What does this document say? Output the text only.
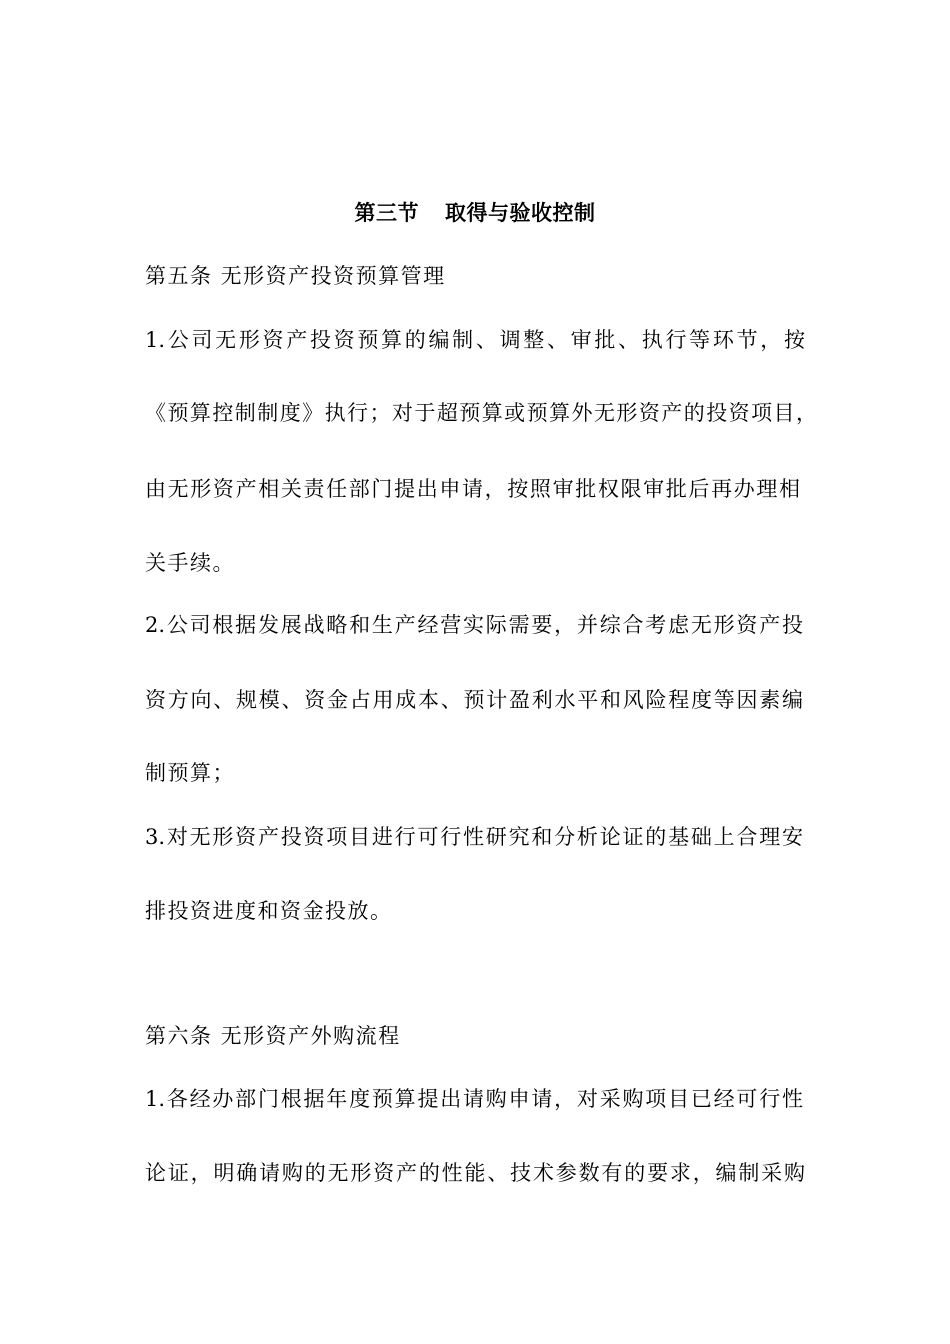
第三节 取得与验收控制
第五条 无形资产投资预算管理
1.公司无形资产投资预算的编制、调整、审批、执行等环节，按
《预算控制制度》执行；对于超预算或预算外无形资产的投资项目，
由无形资产相关责任部门提出申请，按照审批权限审批后再办理相
关手续。
2.公司根据发展战略和生产经营实际需要，并综合考虑无形资产投
资方向、规模、资金占用成本、预计盈利水平和风险程度等因素编
制预算；
3.对无形资产投资项目进行可行性研究和分析论证的基础上合理安
排投资进度和资金投放。
第六条 无形资产外购流程
1.各经办部门根据年度预算提出请购申请，对采购项目已经可行性
论证，明确请购的无形资产的性能、技术参数有的要求，编制采购
